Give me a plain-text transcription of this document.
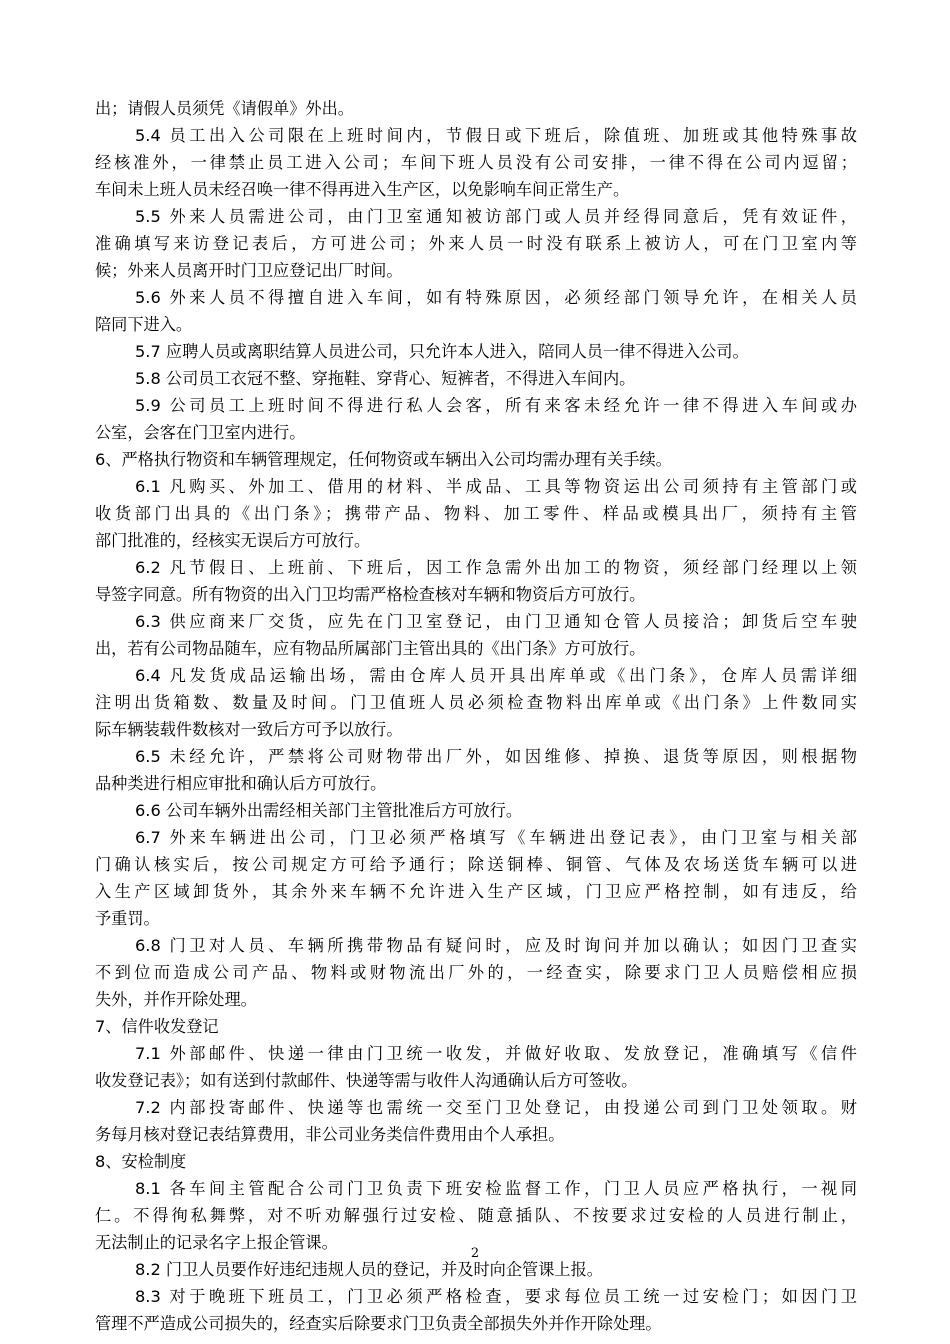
出；请假人员须凭《请假单》外出。
5.4 员工出入公司限在上班时间内，节假日或下班后，除值班、加班或其他特殊事故
经核准外，一律禁止员工进入公司；车间下班人员没有公司安排，一律不得在公司内逗留；
车间未上班人员未经召唤一律不得再进入生产区，以免影响车间正常生产。
5.5 外来人员需进公司，由门卫室通知被访部门或人员并经得同意后，凭有效证件，
准确填写来访登记表后，方可进公司；外来人员一时没有联系上被访人，可在门卫室内等
候；外来人员离开时门卫应登记出厂时间。
5.6 外来人员不得擅自进入车间，如有特殊原因，必须经部门领导允许，在相关人员
陪同下进入。
5.7 应聘人员或离职结算人员进公司，只允许本人进入，陪同人员一律不得进入公司。
5.8 公司员工衣冠不整、穿拖鞋、穿背心、短裤者，不得进入车间内。
5.9 公司员工上班时间不得进行私人会客，所有来客未经允许一律不得进入车间或办
公室，会客在门卫室内进行。
6、严格执行物资和车辆管理规定，任何物资或车辆出入公司均需办理有关手续。
6.1 凡购买、外加工、借用的材料、半成品、工具等物资运出公司须持有主管部门或
收货部门出具的《出门条》；携带产品、物料、加工零件、样品或模具出厂，须持有主管
部门批准的，经核实无误后方可放行。
6.2 凡节假日、上班前、下班后，因工作急需外出加工的物资，须经部门经理以上领
导签字同意。所有物资的出入门卫均需严格检查核对车辆和物资后方可放行。
6.3 供应商来厂交货，应先在门卫室登记，由门卫通知仓管人员接洽；卸货后空车驶
出，若有公司物品随车，应有物品所属部门主管出具的《出门条》方可放行。
6.4 凡发货成品运输出场，需由仓库人员开具出库单或《出门条》，仓库人员需详细
注明出货箱数、数量及时间。门卫值班人员必须检查物料出库单或《出门条》上件数同实
际车辆装载件数核对一致后方可予以放行。
6.5 未经允许，严禁将公司财物带出厂外，如因维修、掉换、退货等原因，则根据物
品种类进行相应审批和确认后方可放行。
6.6 公司车辆外出需经相关部门主管批准后方可放行。
6.7 外来车辆进出公司，门卫必须严格填写《车辆进出登记表》，由门卫室与相关部
门确认核实后，按公司规定方可给予通行；除送铜棒、铜管、气体及农场送货车辆可以进
入生产区域卸货外，其余外来车辆不允许进入生产区域，门卫应严格控制，如有违反，给
予重罚。
6.8 门卫对人员、车辆所携带物品有疑问时，应及时询问并加以确认；如因门卫查实
不到位而造成公司产品、物料或财物流出厂外的，一经查实，除要求门卫人员赔偿相应损
失外，并作开除处理。
7、信件收发登记
7.1 外部邮件、快递一律由门卫统一收发，并做好收取、发放登记，准确填写《信件
收发登记表》；如有送到付款邮件、快递等需与收件人沟通确认后方可签收。
7.2 内部投寄邮件、快递等也需统一交至门卫处登记，由投递公司到门卫处领取。财
务每月核对登记表结算费用，非公司业务类信件费用由个人承担。
8、安检制度
8.1 各车间主管配合公司门卫负责下班安检监督工作，门卫人员应严格执行，一视同
仁。不得徇私舞弊，对不听劝解强行过安检、随意插队、不按要求过安检的人员进行制止，
无法制止的记录名字上报企管课。
8.2 门卫人员要作好违纪违规人员的登记，并及时向企管课上报。
8.3 对于晚班下班员工，门卫必须严格检查，要求每位员工统一过安检门；如因门卫
管理不严造成公司损失的，经查实后除要求门卫负责全部损失外并作开除处理。
2
